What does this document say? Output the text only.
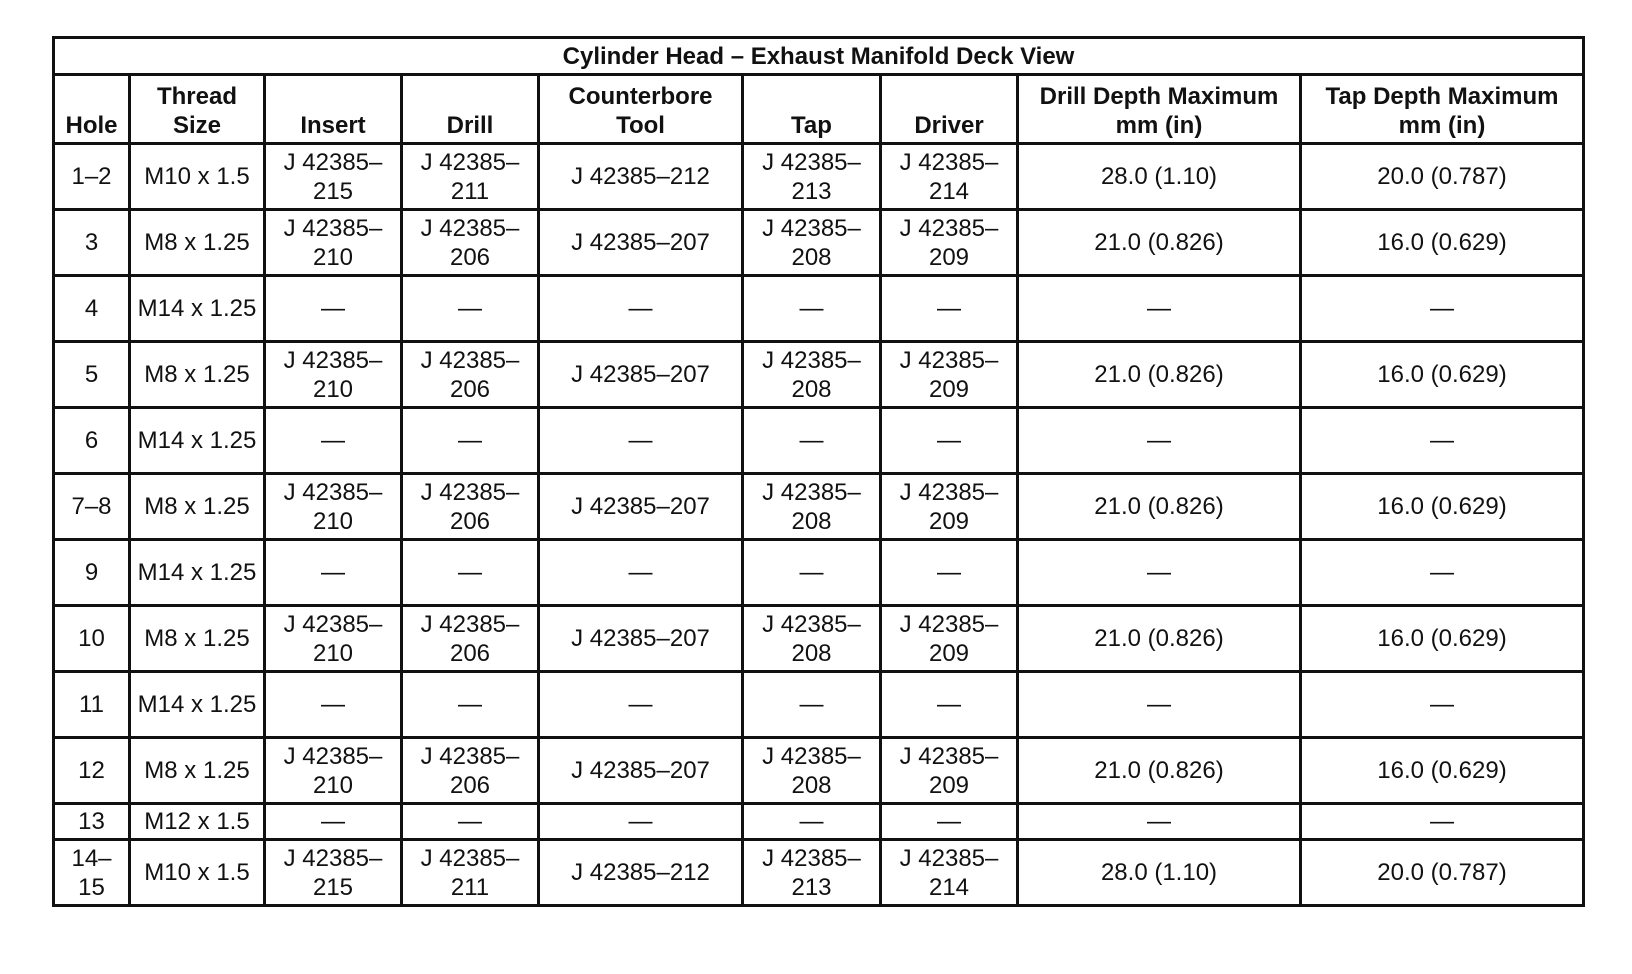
Cylinder Head – Exhaust Manifold Deck View								
Hole	Thread Size	Insert	Drill	Counterbore Tool	Tap	Driver	Drill Depth Maximum mm (in)	Tap Depth Maximum mm (in)
1–2	M10 x 1.5	J 42385–215	J 42385–211	J 42385–212	J 42385–213	J 42385–214	28.0 (1.10)	20.0 (0.787)
3	M8 x 1.25	J 42385–210	J 42385–206	J 42385–207	J 42385–208	J 42385–209	21.0 (0.826)	16.0 (0.629)
4	M14 x 1.25	—	—	—	—	—	—	—
5	M8 x 1.25	J 42385–210	J 42385–206	J 42385–207	J 42385–208	J 42385–209	21.0 (0.826)	16.0 (0.629)
6	M14 x 1.25	—	—	—	—	—	—	—
7–8	M8 x 1.25	J 42385–210	J 42385–206	J 42385–207	J 42385–208	J 42385–209	21.0 (0.826)	16.0 (0.629)
9	M14 x 1.25	—	—	—	—	—	—	—
10	M8 x 1.25	J 42385–210	J 42385–206	J 42385–207	J 42385–208	J 42385–209	21.0 (0.826)	16.0 (0.629)
11	M14 x 1.25	—	—	—	—	—	—	—
12	M8 x 1.25	J 42385–210	J 42385–206	J 42385–207	J 42385–208	J 42385–209	21.0 (0.826)	16.0 (0.629)
13	M12 x 1.5	—	—	—	—	—	—	—
14–15	M10 x 1.5	J 42385–215	J 42385–211	J 42385–212	J 42385–213	J 42385–214	28.0 (1.10)	20.0 (0.787)
